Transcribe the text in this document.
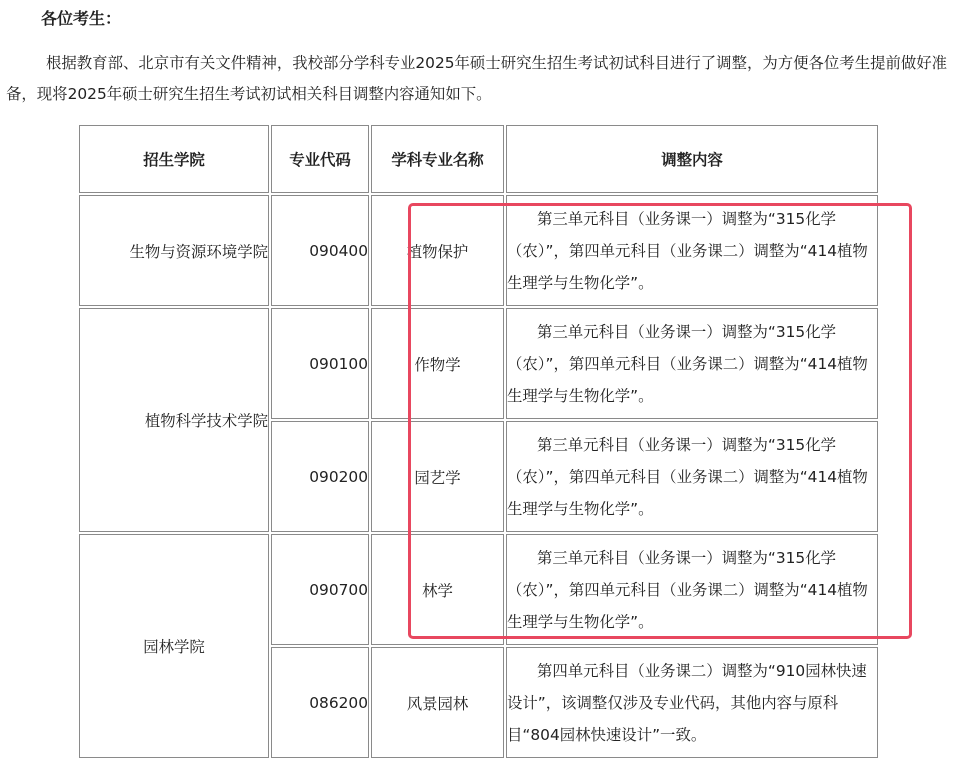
各位考生：

根据教育部、北京市有关文件精神，我校部分学科专业2025年硕士研究生招生考试初试科目进行了调整，为方便各位考生提前做好准备，现将2025年硕士研究生招生考试初试相关科目调整内容通知如下。

招生学院	专业代码	学科专业名称	调整内容
生物与资源环境学院	090400	植物保护	第三单元科目（业务课一）调整为“315化学（农）”，第四单元科目（业务课二）调整为“414植物生理学与生物化学”。

植物科学技术学院	090100	作物学	第三单元科目（业务课一）调整为“315化学（农）”，第四单元科目（业务课二）调整为“414植物生理学与生物化学”。

	090200	园艺学	第三单元科目（业务课一）调整为“315化学（农）”，第四单元科目（业务课二）调整为“414植物生理学与生物化学”。

园林学院	090700	林学	第三单元科目（业务课一）调整为“315化学（农）”，第四单元科目（业务课二）调整为“414植物生理学与生物化学”。

	086200	风景园林	第四单元科目（业务课二）调整为“910园林快速设计”，该调整仅涉及专业代码，其他内容与原科目“804园林快速设计”一致。
